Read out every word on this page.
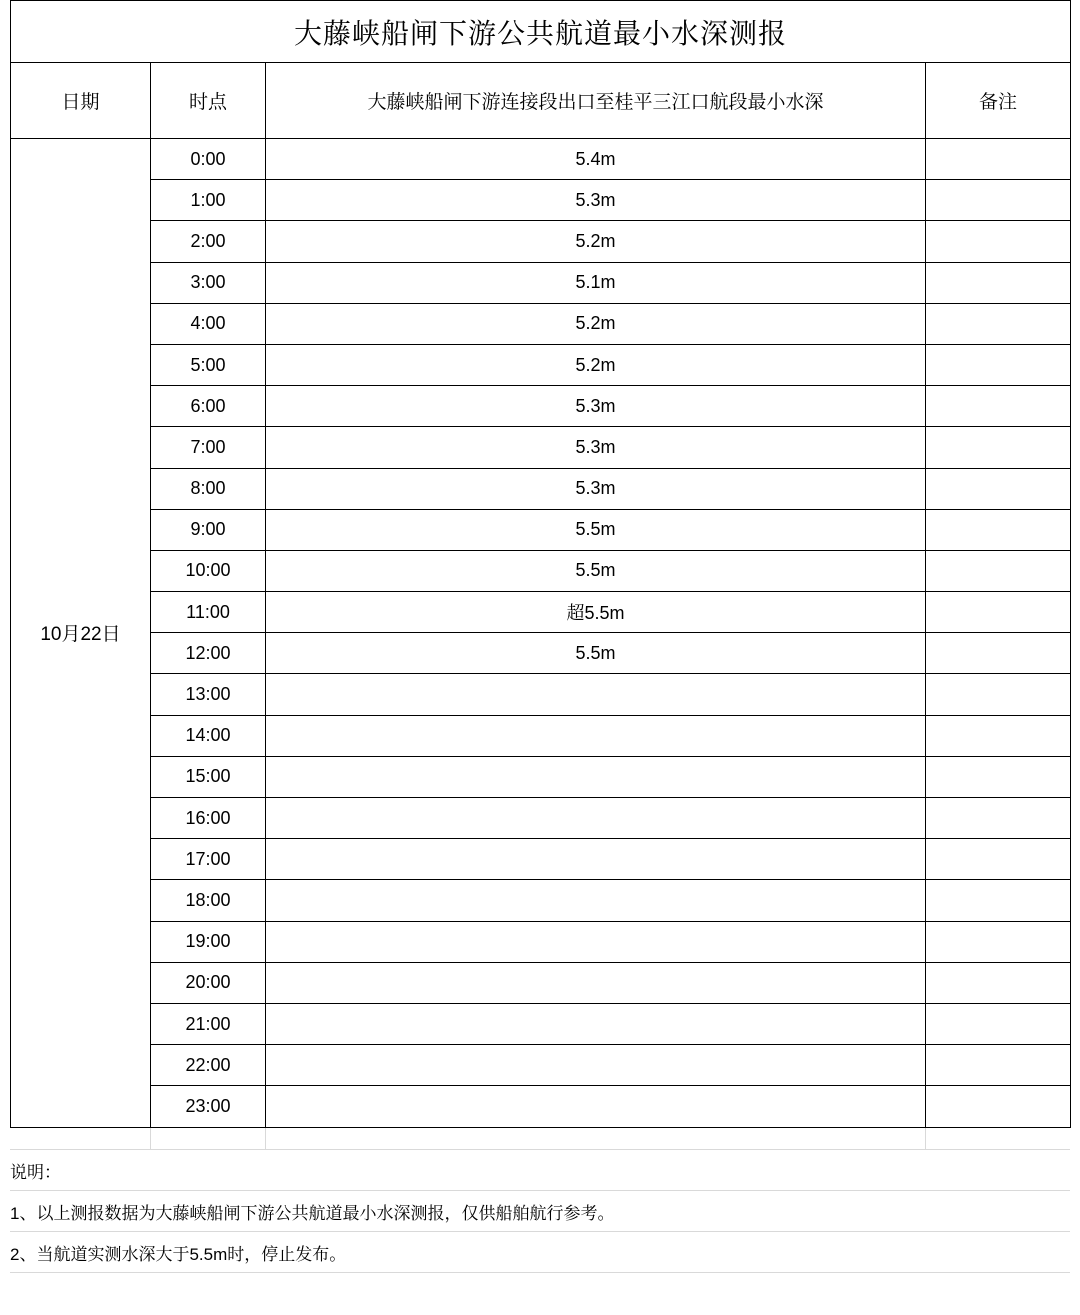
大藤峡船闸下游公共航道最小水深测报			
日期	时点	大藤峡船闸下游连接段出口至桂平三江口航段最小水深	备注
10月22日	0:00	5.4m	
	1:00	5.3m	
	2:00	5.2m	
	3:00	5.1m	
	4:00	5.2m	
	5:00	5.2m	
	6:00	5.3m	
	7:00	5.3m	
	8:00	5.3m	
	9:00	5.5m	
	10:00	5.5m	
	11:00	超5.5m	
	12:00	5.5m	
	13:00		
	14:00		
	15:00		
	16:00		
	17:00		
	18:00		
	19:00		
	20:00		
	21:00		
	22:00		
	23:00		

说明：			
1、以上测报数据为大藤峡船闸下游公共航道最小水深测报，仅供船舶航行参考。			
2、当航道实测水深大于5.5m时，停止发布。			
